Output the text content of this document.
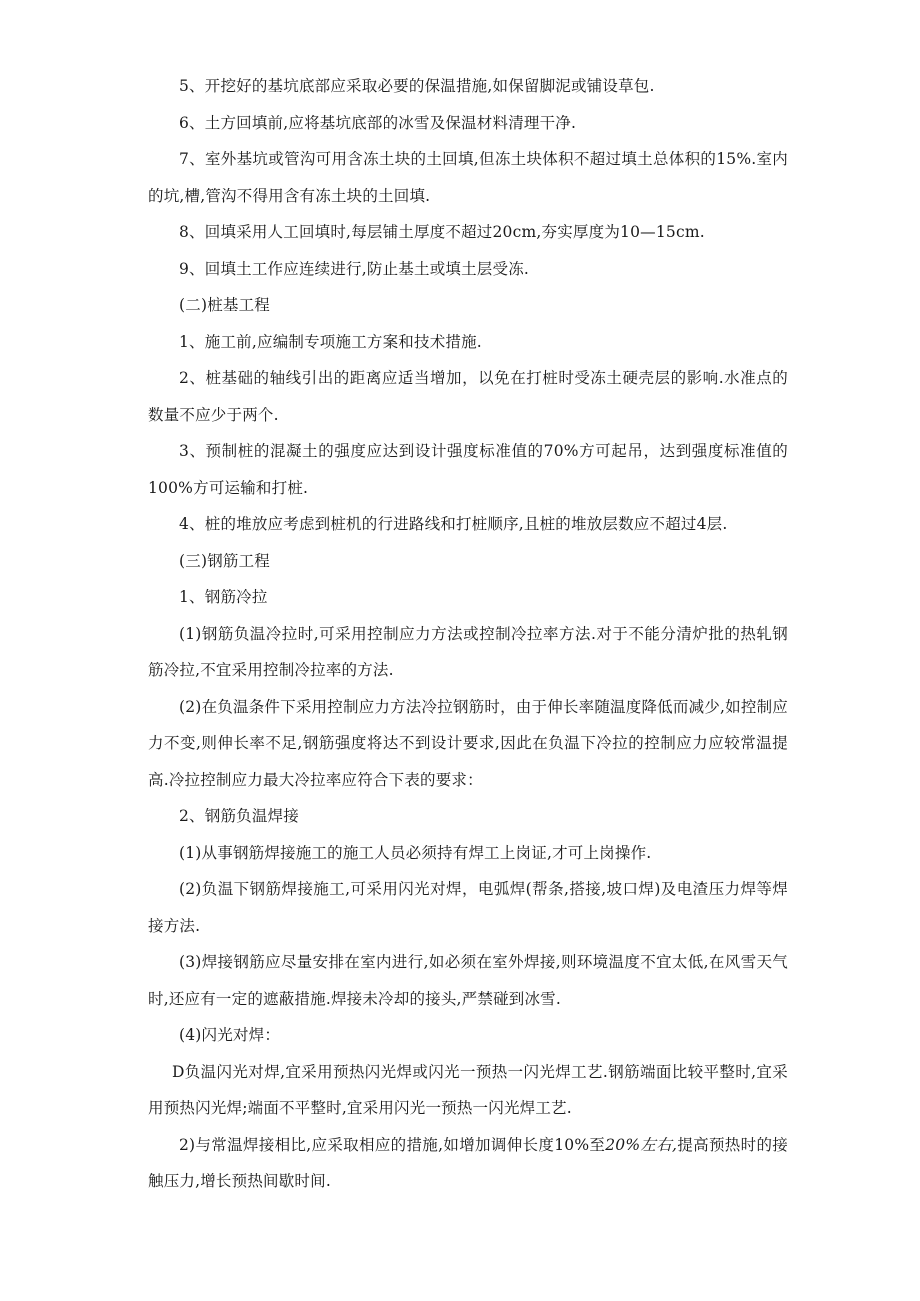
5、开挖好的基坑底部应采取必要的保温措施,如保留脚泥或铺设草包.

6、土方回填前,应将基坑底部的冰雪及保温材料清理干净.

7、室外基坑或管沟可用含冻土块的土回填,但冻土块体积不超过填土总体积的15%.室内的坑,槽,管沟不得用含有冻土块的土回填.

8、回填采用人工回填时,每层铺土厚度不超过20cm,夯实厚度为10—15cm.

9、回填土工作应连续进行,防止基土或填土层受冻.

(二)桩基工程

1、施工前,应编制专项施工方案和技术措施.

2、桩基础的轴线引出的距离应适当增加，以免在打桩时受冻土硬壳层的影响.水准点的数量不应少于两个.

3、预制桩的混凝土的强度应达到设计强度标准值的70%方可起吊，达到强度标准值的100%方可运输和打桩.

4、桩的堆放应考虑到桩机的行进路线和打桩顺序,且桩的堆放层数应不超过4层.

(三)钢筋工程

1、钢筋冷拉

(1)钢筋负温冷拉时,可采用控制应力方法或控制冷拉率方法.对于不能分清炉批的热轧钢筋冷拉,不宜采用控制冷拉率的方法.

(2)在负温条件下采用控制应力方法冷拉钢筋时，由于伸长率随温度降低而减少,如控制应力不变,则伸长率不足,钢筋强度将达不到设计要求,因此在负温下冷拉的控制应力应较常温提高.冷拉控制应力最大冷拉率应符合下表的要求：

2、钢筋负温焊接

(1)从事钢筋焊接施工的施工人员必须持有焊工上岗证,才可上岗操作.

(2)负温下钢筋焊接施工,可采用闪光对焊，电弧焊(帮条,搭接,坡口焊)及电渣压力焊等焊接方法.

(3)焊接钢筋应尽量安排在室内进行,如必须在室外焊接,则环境温度不宜太低,在风雪天气时,还应有一定的遮蔽措施.焊接未冷却的接头,严禁碰到冰雪.

(4)闪光对焊：

D负温闪光对焊,宜采用预热闪光焊或闪光一预热一闪光焊工艺.钢筋端面比较平整时,宜采用预热闪光焊;端面不平整时,宜采用闪光一预热一闪光焊工艺.

2)与常温焊接相比,应采取相应的措施,如增加调伸长度10%至20%左右,提高预热时的接触压力,增长预热间歇时间.
